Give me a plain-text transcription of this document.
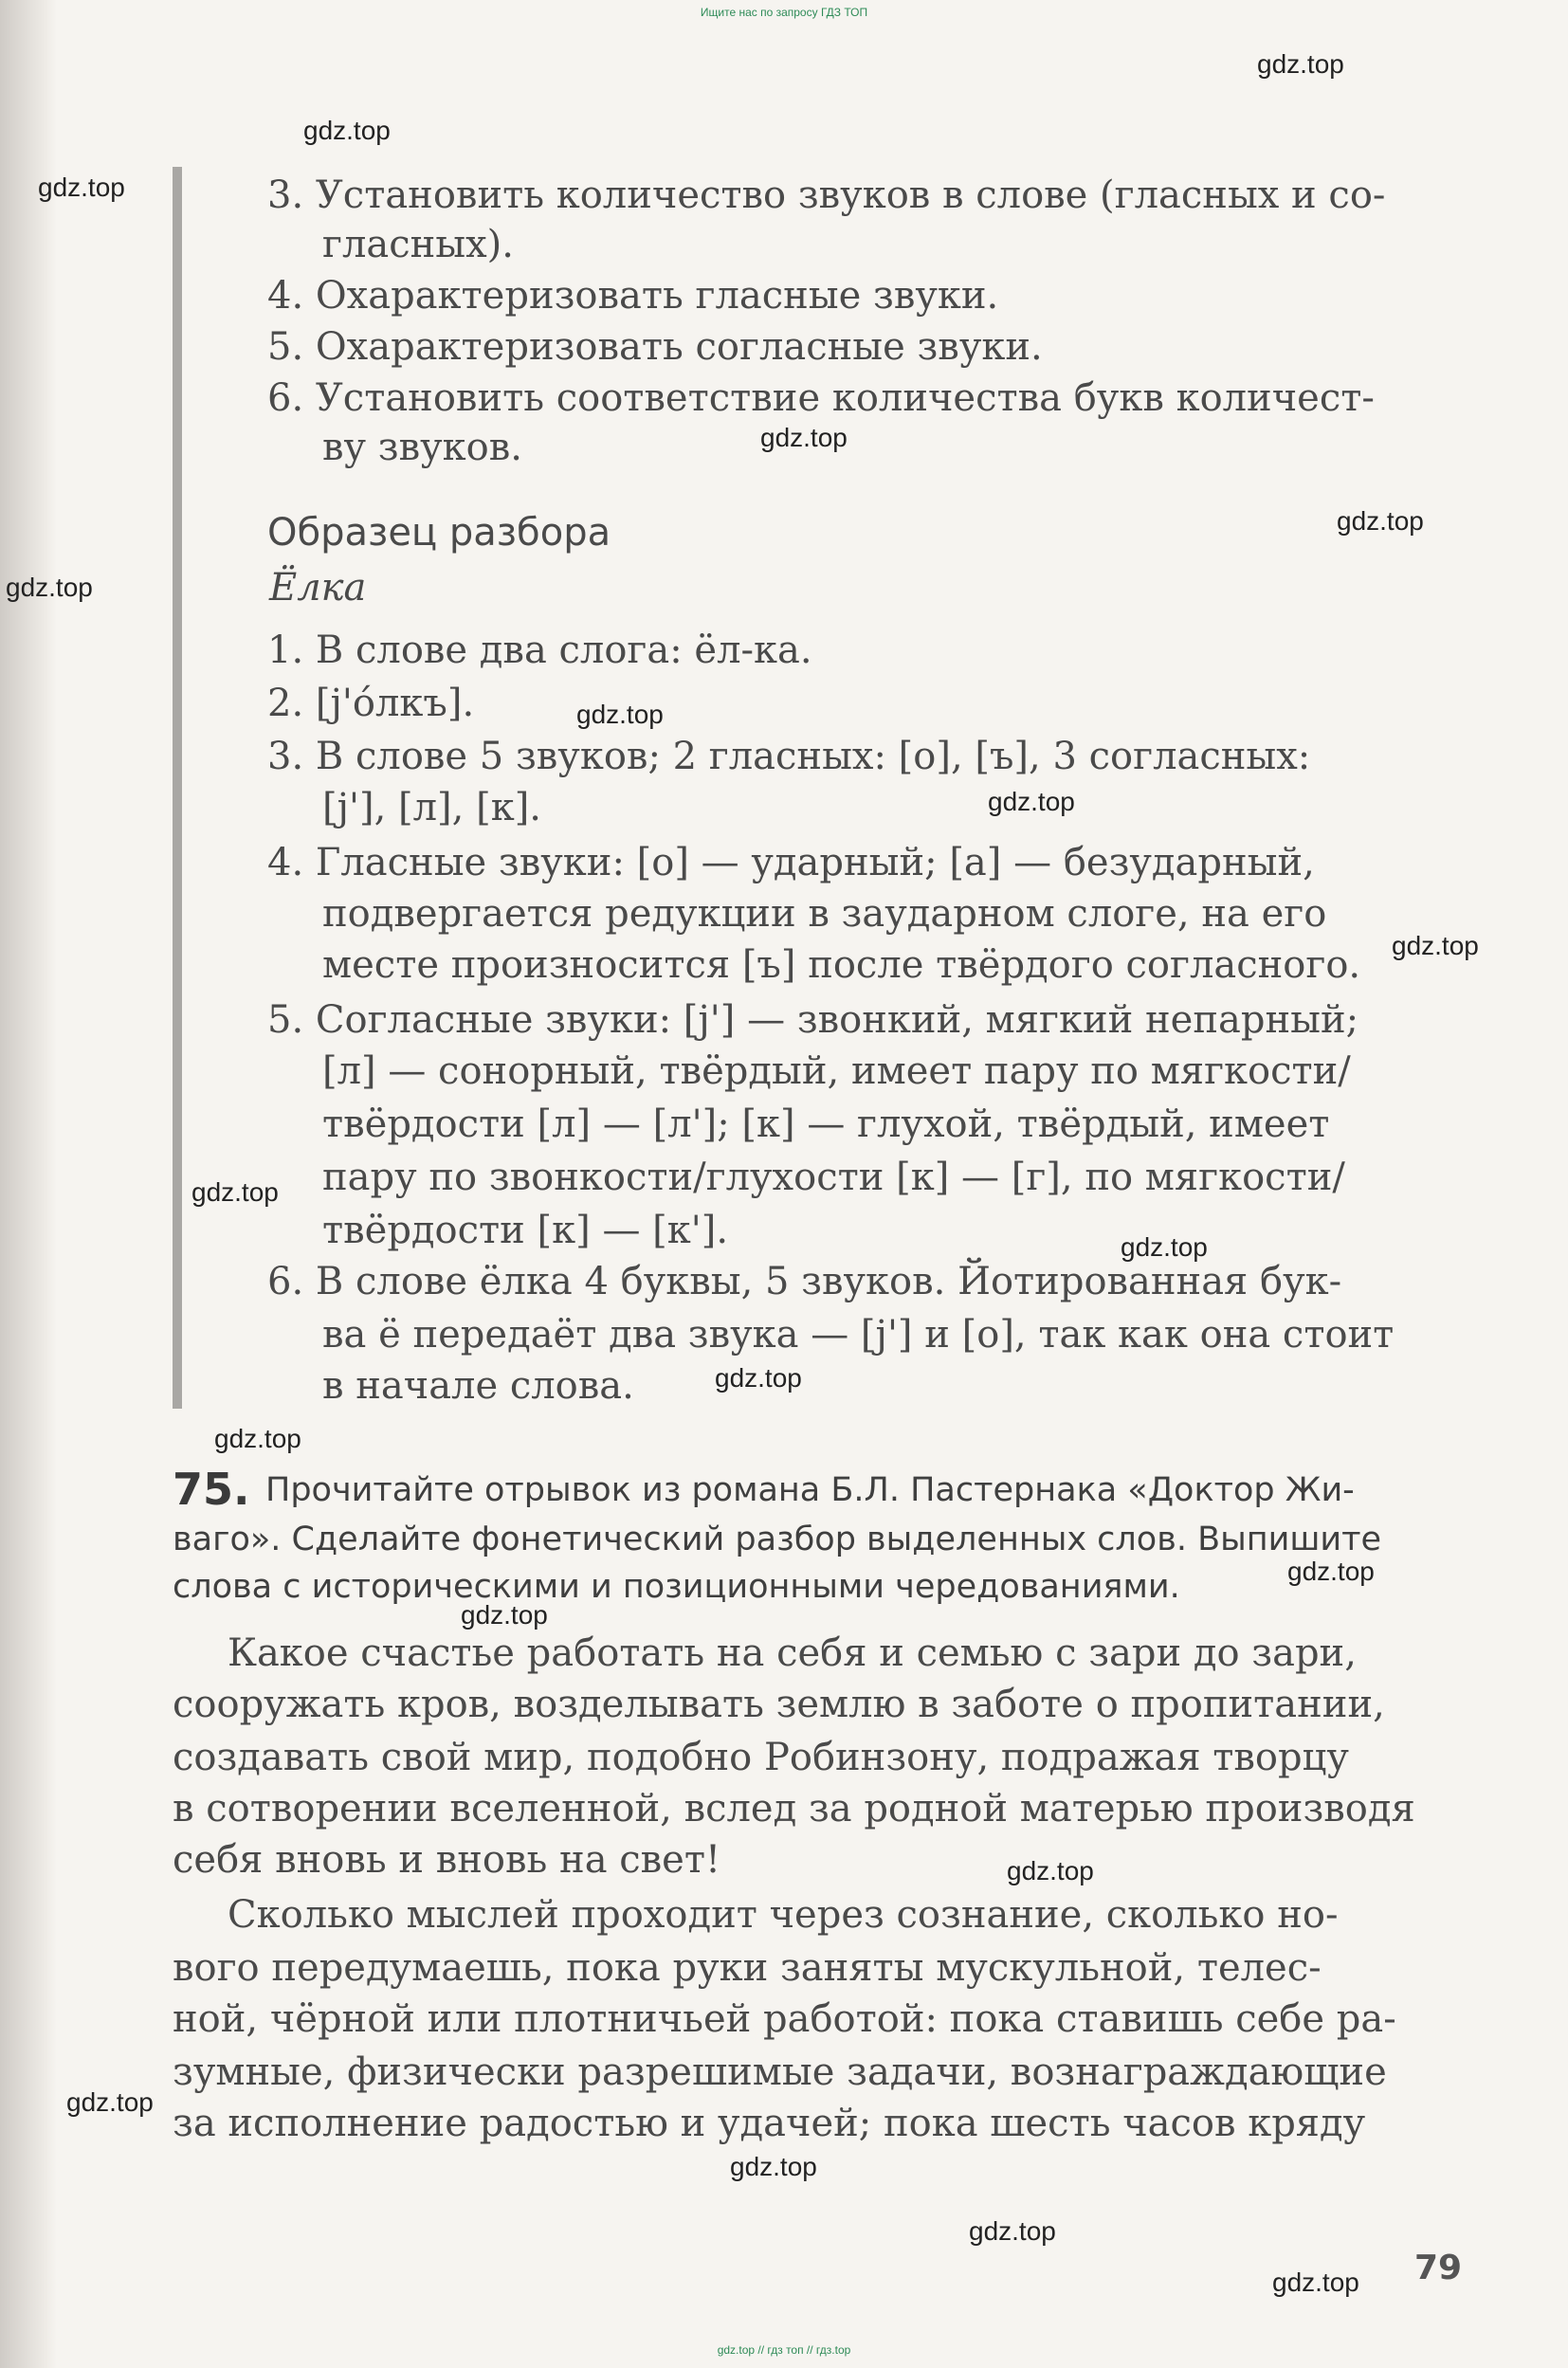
Ищите нас по запросу ГДЗ ТОП
3. Установить количество звуков в слове (гласных и со-
гласных).
4. Охарактеризовать гласные звуки.
5. Охарактеризовать согласные звуки.
6. Установить соответствие количества букв количест-
ву звуков.
Образец разбора
Ёлка
1. В слове два слога: ёл-ка.
2. [j'óлкъ].
3. В слове 5 звуков; 2 гласных: [о], [ъ], 3 согласных:
[j'], [л], [к].
4. Гласные звуки: [о] — ударный; [а] — безударный,
подвергается редукции в заударном слоге, на его
месте произносится [ъ] после твёрдого согласного.
5. Согласные звуки: [j'] — звонкий, мягкий непарный;
[л] — сонорный, твёрдый, имеет пару по мягкости/
твёрдости [л] — [л']; [к] — глухой, твёрдый, имеет
пару по звонкости/глухости [к] — [г], по мягкости/
твёрдости [к] — [к'].
6. В слове ёлка 4 буквы, 5 звуков. Йотированная бук-
ва ё передаёт два звука — [j'] и [о], так как она стоит
в начале слова.
75. Прочитайте отрывок из романа Б.Л. Пастернака «Доктор Жи-
ваго». Сделайте фонетический разбор выделенных слов. Выпишите
слова с историческими и позиционными чередованиями.
Какое счастье работать на себя и семью с зари до зари,
сооружать кров, возделывать землю в заботе о пропитании,
создавать свой мир, подобно Робинзону, подражая творцу
в сотворении вселенной, вслед за родной матерью производя
себя вновь и вновь на свет!
Сколько мыслей проходит через сознание, сколько но-
вого передумаешь, пока руки заняты мускульной, телес-
ной, чёрной или плотничьей работой: пока ставишь себе ра-
зумные, физически разрешимые задачи, вознаграждающие
за исполнение радостью и удачей; пока шесть часов кряду
79
gdz.top
gdz.top
gdz.top
gdz.top
gdz.top
gdz.top
gdz.top
gdz.top
gdz.top
gdz.top
gdz.top
gdz.top
gdz.top
gdz.top
gdz.top
gdz.top
gdz.top
gdz.top
gdz.top
gdz.top
gdz.top // гдз топ // гдз.top
